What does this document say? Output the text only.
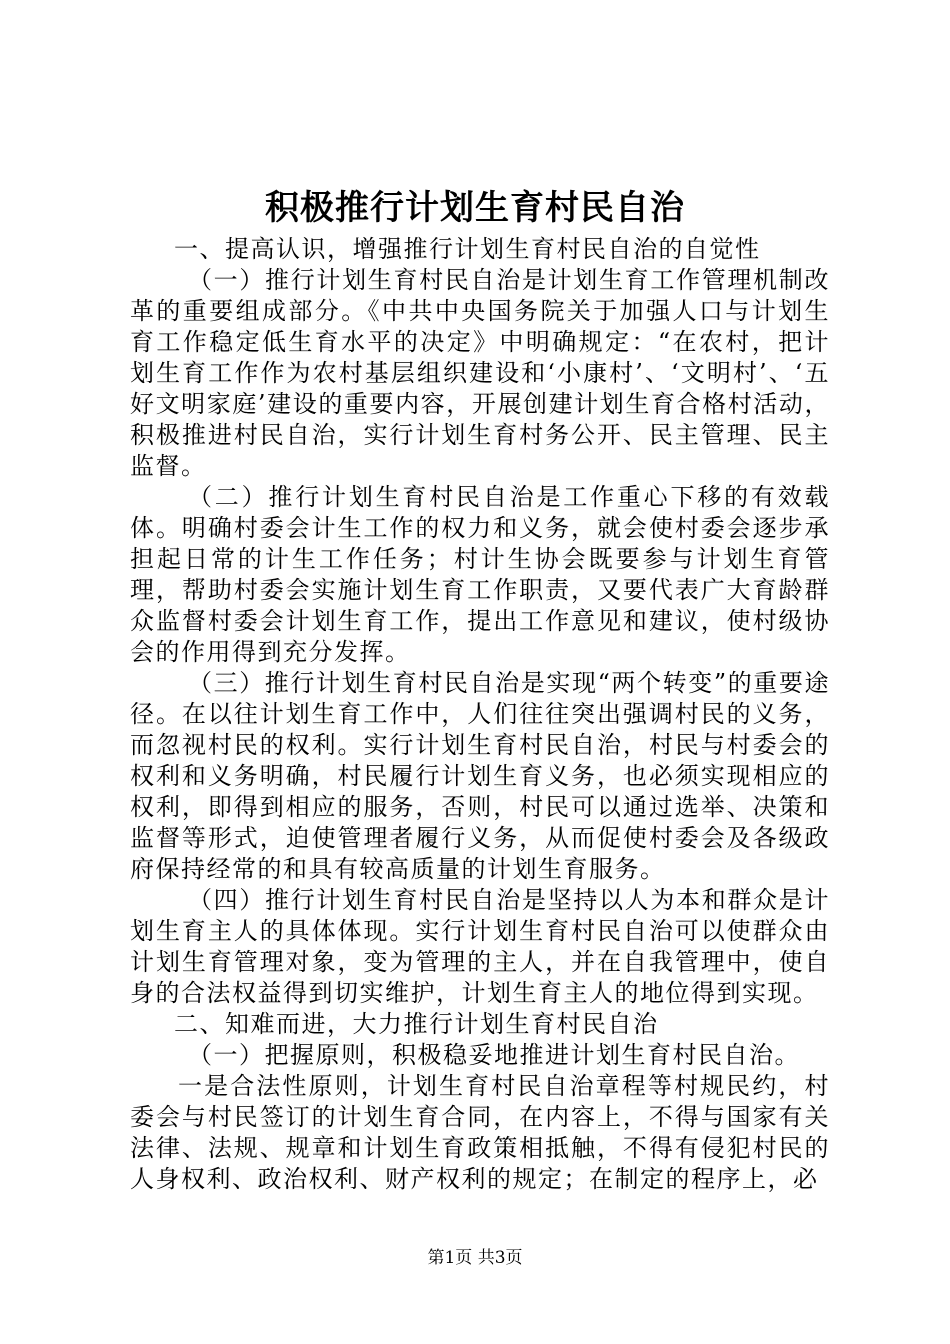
积极推行计划生育村民自治

一、提高认识，增强推行计划生育村民自治的自觉性

（一）推行计划生育村民自治是计划生育工作管理机制改革的重要组成部分。《中共中央国务院关于加强人口与计划生育工作稳定低生育水平的决定》中明确规定：“在农村，把计划生育工作作为农村基层组织建设和‘小康村’、‘文明村’、‘五好文明家庭’建设的重要内容，开展创建计划生育合格村活动，积极推进村民自治，实行计划生育村务公开、民主管理、民主监督。

（二）推行计划生育村民自治是工作重心下移的有效载体。明确村委会计生工作的权力和义务，就会使村委会逐步承担起日常的计生工作任务；村计生协会既要参与计划生育管理，帮助村委会实施计划生育工作职责，又要代表广大育龄群众监督村委会计划生育工作，提出工作意见和建议，使村级协会的作用得到充分发挥。

（三）推行计划生育村民自治是实现“两个转变”的重要途径。在以往计划生育工作中，人们往往突出强调村民的义务，而忽视村民的权利。实行计划生育村民自治，村民与村委会的权利和义务明确，村民履行计划生育义务，也必须实现相应的权利，即得到相应的服务，否则，村民可以通过选举、决策和监督等形式，迫使管理者履行义务，从而促使村委会及各级政府保持经常的和具有较高质量的计划生育服务。

（四）推行计划生育村民自治是坚持以人为本和群众是计划生育主人的具体体现。实行计划生育村民自治可以使群众由计划生育管理对象，变为管理的主人，并在自我管理中，使自身的合法权益得到切实维护，计划生育主人的地位得到实现。

二、知难而进，大力推行计划生育村民自治

（一）把握原则，积极稳妥地推进计划生育村民自治。

一是合法性原则，计划生育村民自治章程等村规民约，村委会与村民签订的计划生育合同，在内容上，不得与国家有关法律、法规、规章和计划生育政策相抵触，不得有侵犯村民的人身权利、政治权利、财产权利的规定；在制定的程序上，必

第1页 共3页
